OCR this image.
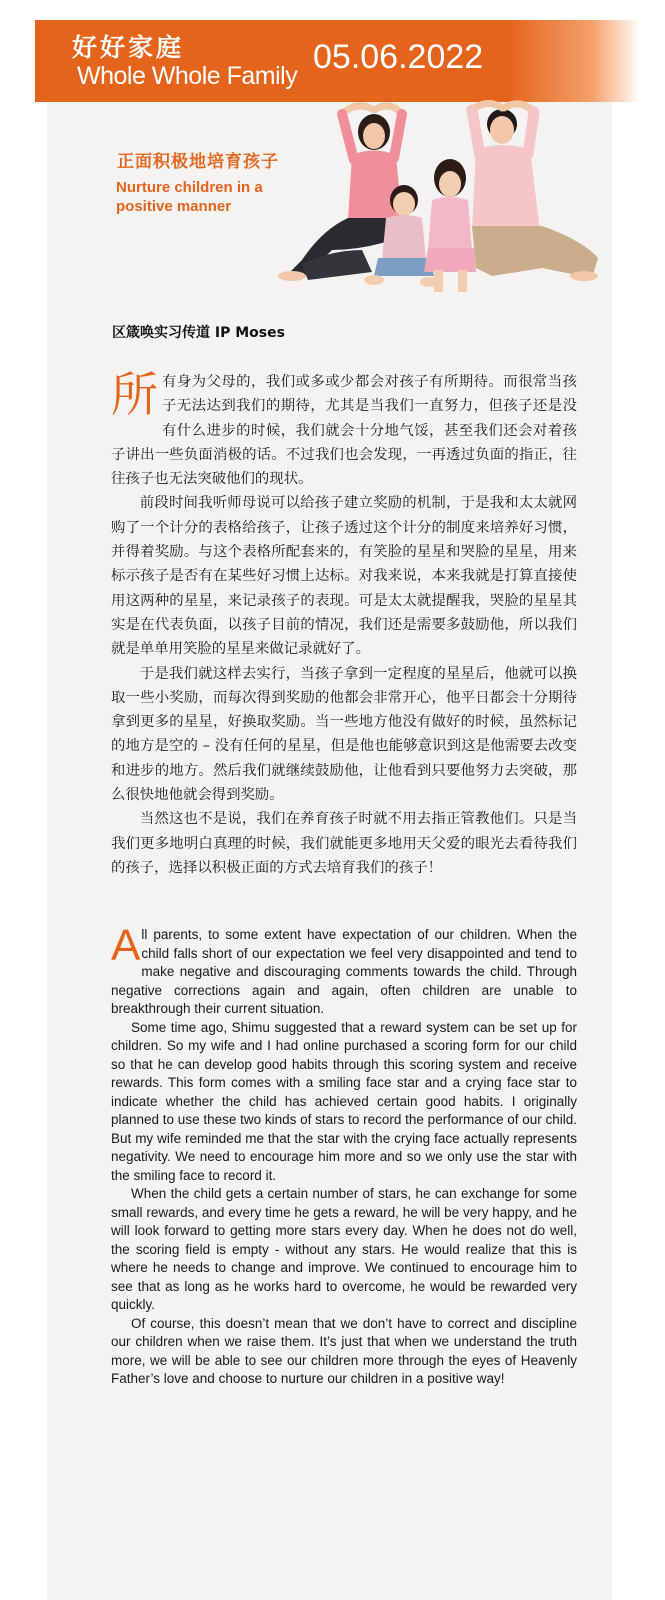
好好家庭
Whole Whole Family 05.06.2022
正面积极地培育孩子
Nurture children in a positive manner
区箴唤实习传道 IP Moses

所有身为父母的，我们或多或少都会对孩子有所期待。而很常当孩子无法达到我们的期待，尤其是当我们一直努力，但孩子还是没有什么进步的时候，我们就会十分地气馁，甚至我们还会对着孩子讲出一些负面消极的话。不过我们也会发现，一再透过负面的指正，往往孩子也无法突破他们的现状。

前段时间我听师母说可以给孩子建立奖励的机制，于是我和太太就网购了一个计分的表格给孩子，让孩子透过这个计分的制度来培养好习惯，并得着奖励。与这个表格所配套来的，有笑脸的星星和哭脸的星星，用来标示孩子是否有在某些好习惯上达标。对我来说，本来我就是打算直接使用这两种的星星，来记录孩子的表现。可是太太就提醒我，哭脸的星星其实是在代表负面，以孩子目前的情况，我们还是需要多鼓励他，所以我们就是单单用笑脸的星星来做记录就好了。

于是我们就这样去实行，当孩子拿到一定程度的星星后，他就可以换取一些小奖励，而每次得到奖励的他都会非常开心，他平日都会十分期待拿到更多的星星，好换取奖励。当一些地方他没有做好的时候，虽然标记的地方是空的 – 没有任何的星星，但是他也能够意识到这是他需要去改变和进步的地方。然后我们就继续鼓励他，让他看到只要他努力去突破，那么很快地他就会得到奖励。

当然这也不是说，我们在养育孩子时就不用去指正管教他们。只是当我们更多地明白真理的时候，我们就能更多地用天父爱的眼光去看待我们的孩子，选择以积极正面的方式去培育我们的孩子！

All parents, to some extent have expectation of our children. When the child falls short of our expectation we feel very disappointed and tend to make negative and discouraging comments towards the child. Through negative corrections again and again, often children are unable to breakthrough their current situation.

Some time ago, Shimu suggested that a reward system can be set up for children. So my wife and I had online purchased a scoring form for our child so that he can develop good habits through this scoring system and receive rewards. This form comes with a smiling face star and a crying face star to indicate whether the child has achieved certain good habits. I originally planned to use these two kinds of stars to record the performance of our child. But my wife reminded me that the star with the crying face actually represents negativity. We need to encourage him more and so we only use the star with the smiling face to record it.

When the child gets a certain number of stars, he can exchange for some small rewards, and every time he gets a reward, he will be very happy, and he will look forward to getting more stars every day. When he does not do well, the scoring field is empty - without any stars. He would realize that this is where he needs to change and improve. We continued to encourage him to see that as long as he works hard to overcome, he would be rewarded very quickly.

Of course, this doesn’t mean that we don’t have to correct and discipline our children when we raise them. It’s just that when we understand the truth more, we will be able to see our children more through the eyes of Heavenly Father’s love and choose to nurture our children in a positive way!
